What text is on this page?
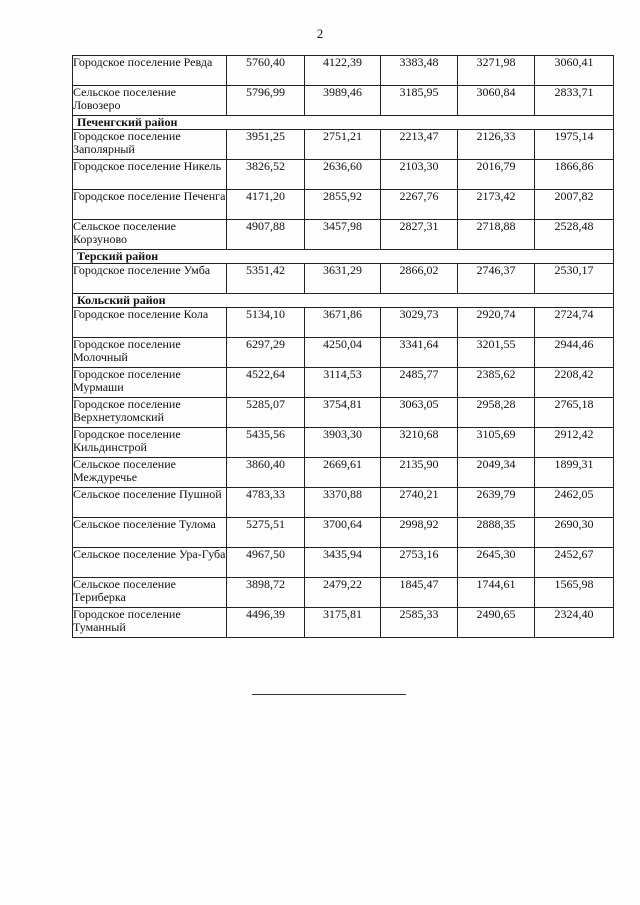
2
Городское поселение Ревда	5760,40	4122,39	3383,48	3271,98	3060,41
Сельское поселение Ловозеро	5796,99	3989,46	3185,95	3060,84	2833,71
Печенгский район					
Городское поселение Заполярный	3951,25	2751,21	2213,47	2126,33	1975,14
Городское поселение Никель	3826,52	2636,60	2103,30	2016,79	1866,86
Городское поселение Печенга	4171,20	2855,92	2267,76	2173,42	2007,82
Сельское поселение Корзуново	4907,88	3457,98	2827,31	2718,88	2528,48
Терский район					
Городское поселение Умба	5351,42	3631,29	2866,02	2746,37	2530,17
Кольский район					
Городское поселение Кола	5134,10	3671,86	3029,73	2920,74	2724,74
Городское поселение Молочный	6297,29	4250,04	3341,64	3201,55	2944,46
Городское поселение Мурмаши	4522,64	3114,53	2485,77	2385,62	2208,42
Городское поселение Верхнетуломский	5285,07	3754,81	3063,05	2958,28	2765,18
Городское поселение Кильдинстрой	5435,56	3903,30	3210,68	3105,69	2912,42
Сельское поселение Междуречье	3860,40	2669,61	2135,90	2049,34	1899,31
Сельское поселение Пушной	4783,33	3370,88	2740,21	2639,79	2462,05
Сельское поселение Тулома	5275,51	3700,64	2998,92	2888,35	2690,30
Сельское поселение Ура-Губа	4967,50	3435,94	2753,16	2645,30	2452,67
Сельское поселение Териберка	3898,72	2479,22	1845,47	1744,61	1565,98
Городское поселение Туманный	4496,39	3175,81	2585,33	2490,65	2324,40
